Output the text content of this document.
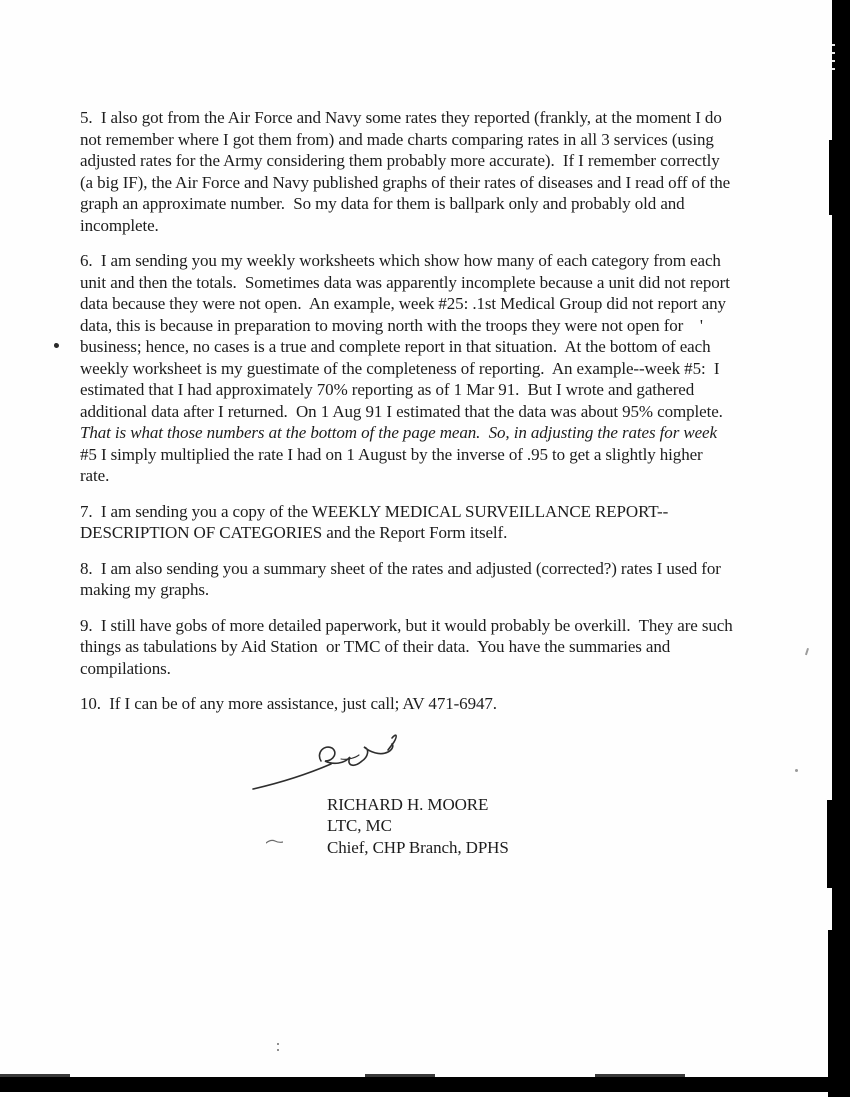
5.  I also got from the Air Force and Navy some rates they reported (frankly, at the moment I do
not remember where I got them from) and made charts comparing rates in all 3 services (using
adjusted rates for the Army considering them probably more accurate).  If I remember correctly
(a big IF), the Air Force and Navy published graphs of their rates of diseases and I read off of the
graph an approximate number.  So my data for them is ballpark only and probably old and
incomplete.
6.  I am sending you my weekly worksheets which show how many of each category from each
unit and then the totals.  Sometimes data was apparently incomplete because a unit did not report
data because they were not open.  An example, week #25: .1st Medical Group did not report any
data, this is because in preparation to moving north with the troops they were not open for    '
business; hence, no cases is a true and complete report in that situation.  At the bottom of each
weekly worksheet is my guestimate of the completeness of reporting.  An example--week #5:  I
estimated that I had approximately 70% reporting as of 1 Mar 91.  But I wrote and gathered
additional data after I returned.  On 1 Aug 91 I estimated that the data was about 95% complete.
That is what those numbers at the bottom of the page mean.  So, in adjusting the rates for week
#5 I simply multiplied the rate I had on 1 August by the inverse of .95 to get a slightly higher
rate.
7.  I am sending you a copy of the WEEKLY MEDICAL SURVEILLANCE REPORT--
DESCRIPTION OF CATEGORIES and the Report Form itself.
8.  I am also sending you a summary sheet of the rates and adjusted (corrected?) rates I used for
making my graphs.
9.  I still have gobs of more detailed paperwork, but it would probably be overkill.  They are such
things as tabulations by Aid Station  or TMC of their data.  You have the summaries and
compilations.
10.  If I can be of any more assistance, just call; AV 471-6947.
RICHARD H. MOORE
LTC, MC
Chief, CHP Branch, DPHS
